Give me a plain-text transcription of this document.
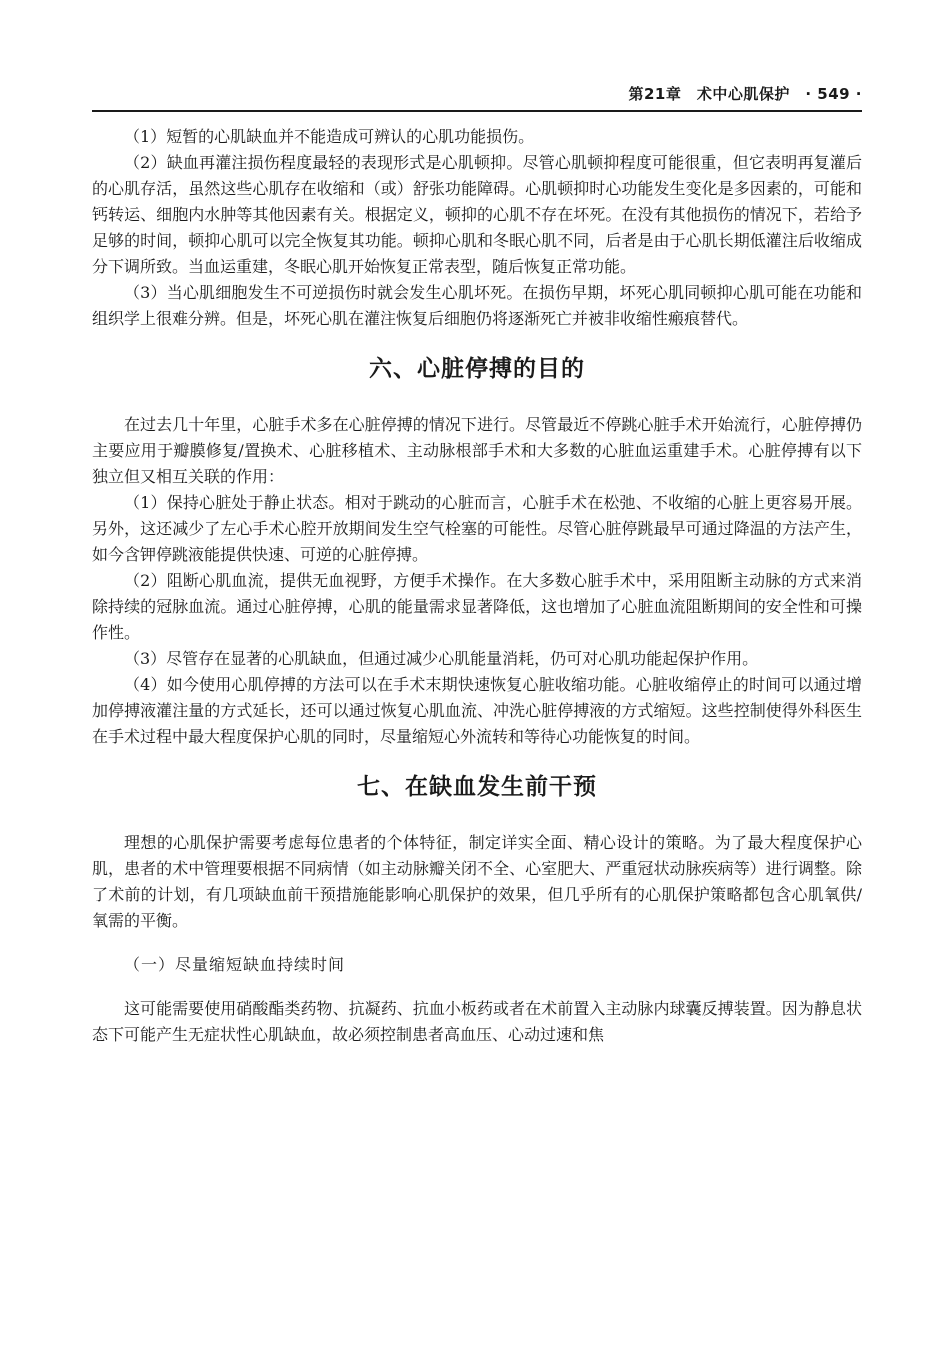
第21章　术中心肌保护　· 549 ·

（1）短暂的心肌缺血并不能造成可辨认的心肌功能损伤。

（2）缺血再灌注损伤程度最轻的表现形式是心肌顿抑。尽管心肌顿抑程度可能很重，但它表明再复灌后的心肌存活，虽然这些心肌存在收缩和（或）舒张功能障碍。心肌顿抑时心功能发生变化是多因素的，可能和钙转运、细胞内水肿等其他因素有关。根据定义，顿抑的心肌不存在坏死。在没有其他损伤的情况下，若给予足够的时间，顿抑心肌可以完全恢复其功能。顿抑心肌和冬眠心肌不同，后者是由于心肌长期低灌注后收缩成分下调所致。当血运重建，冬眠心肌开始恢复正常表型，随后恢复正常功能。

（3）当心肌细胞发生不可逆损伤时就会发生心肌坏死。在损伤早期，坏死心肌同顿抑心肌可能在功能和组织学上很难分辨。但是，坏死心肌在灌注恢复后细胞仍将逐渐死亡并被非收缩性瘢痕替代。

六、心脏停搏的目的

在过去几十年里，心脏手术多在心脏停搏的情况下进行。尽管最近不停跳心脏手术开始流行，心脏停搏仍主要应用于瓣膜修复/置换术、心脏移植术、主动脉根部手术和大多数的心脏血运重建手术。心脏停搏有以下独立但又相互关联的作用：

（1）保持心脏处于静止状态。相对于跳动的心脏而言，心脏手术在松弛、不收缩的心脏上更容易开展。另外，这还减少了左心手术心腔开放期间发生空气栓塞的可能性。尽管心脏停跳最早可通过降温的方法产生，如今含钾停跳液能提供快速、可逆的心脏停搏。

（2）阻断心肌血流，提供无血视野，方便手术操作。在大多数心脏手术中，采用阻断主动脉的方式来消除持续的冠脉血流。通过心脏停搏，心肌的能量需求显著降低，这也增加了心脏血流阻断期间的安全性和可操作性。

（3）尽管存在显著的心肌缺血，但通过减少心肌能量消耗，仍可对心肌功能起保护作用。

（4）如今使用心肌停搏的方法可以在手术末期快速恢复心脏收缩功能。心脏收缩停止的时间可以通过增加停搏液灌注量的方式延长，还可以通过恢复心肌血流、冲洗心脏停搏液的方式缩短。这些控制使得外科医生在手术过程中最大程度保护心肌的同时，尽量缩短心外流转和等待心功能恢复的时间。

七、在缺血发生前干预

理想的心肌保护需要考虑每位患者的个体特征，制定详实全面、精心设计的策略。为了最大程度保护心肌，患者的术中管理要根据不同病情（如主动脉瓣关闭不全、心室肥大、严重冠状动脉疾病等）进行调整。除了术前的计划，有几项缺血前干预措施能影响心肌保护的效果，但几乎所有的心肌保护策略都包含心肌氧供/氧需的平衡。

（一）尽量缩短缺血持续时间

这可能需要使用硝酸酯类药物、抗凝药、抗血小板药或者在术前置入主动脉内球囊反搏装置。因为静息状态下可能产生无症状性心肌缺血，故必须控制患者高血压、心动过速和焦
